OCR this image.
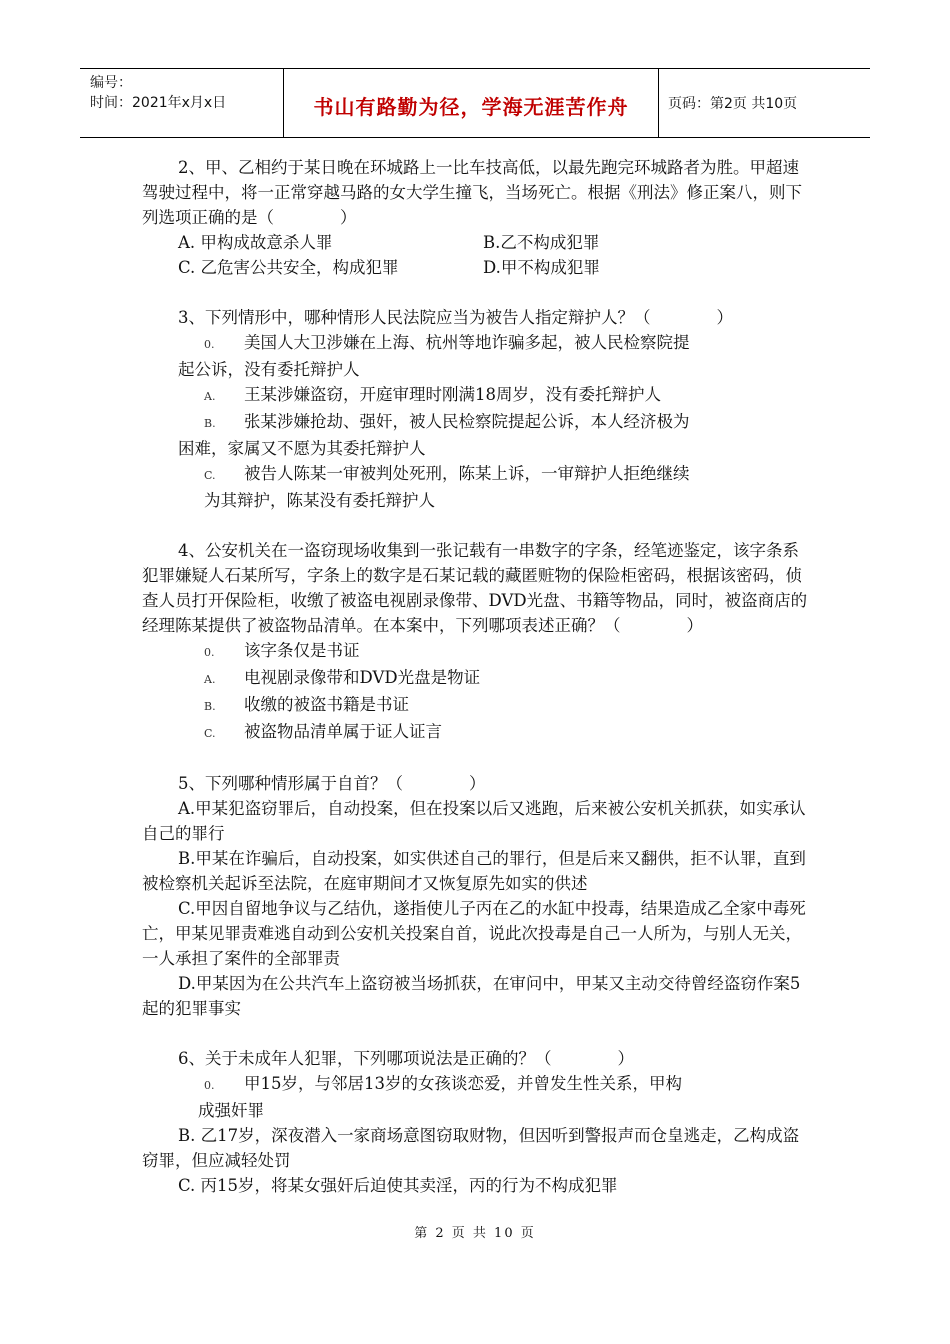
编号：
时间：2021年x月x日	书山有路勤为径，学海无涯苦作舟	页码：第2页 共10页

2、甲、乙相约于某日晚在环城路上一比车技高低，以最先跑完环城路者为胜。甲超速驾驶过程中，将一正常穿越马路的女大学生撞飞，当场死亡。根据《刑法》修正案八，则下列选项正确的是（　　　　）

A. 甲构成故意杀人罪	B.乙不构成犯罪
C. 乙危害公共安全，构成犯罪	D.甲不构成犯罪

3、下列情形中，哪种情形人民法院应当为被告人指定辩护人？（　　　　）

0. 美国人大卫涉嫌在上海、杭州等地诈骗多起，被人民检察院提

起公诉，没有委托辩护人

A. 王某涉嫌盗窃，开庭审理时刚满18周岁，没有委托辩护人

B. 张某涉嫌抢劫、强奸，被人民检察院提起公诉，本人经济极为

困难，家属又不愿为其委托辩护人

C. 被告人陈某一审被判处死刑，陈某上诉，一审辩护人拒绝继续

为其辩护，陈某没有委托辩护人

4、公安机关在一盗窃现场收集到一张记载有一串数字的字条，经笔迹鉴定，该字条系犯罪嫌疑人石某所写，字条上的数字是石某记载的藏匿赃物的保险柜密码，根据该密码，侦查人员打开保险柜，收缴了被盗电视剧录像带、DVD光盘、书籍等物品，同时，被盗商店的经理陈某提供了被盗物品清单。在本案中，下列哪项表述正确？（　　　　）

0. 该字条仅是书证

A. 电视剧录像带和DVD光盘是物证

B. 收缴的被盗书籍是书证

C. 被盗物品清单属于证人证言

5、下列哪种情形属于自首？（　　　　）

A.甲某犯盗窃罪后，自动投案，但在投案以后又逃跑，后来被公安机关抓获，如实承认自己的罪行

B.甲某在诈骗后，自动投案，如实供述自己的罪行，但是后来又翻供，拒不认罪，直到被检察机关起诉至法院，在庭审期间才又恢复原先如实的供述

C.甲因自留地争议与乙结仇，遂指使儿子丙在乙的水缸中投毒，结果造成乙全家中毒死亡，甲某见罪责难逃自动到公安机关投案自首，说此次投毒是自己一人所为，与别人无关，一人承担了案件的全部罪责

D.甲某因为在公共汽车上盗窃被当场抓获，在审问中，甲某又主动交待曾经盗窃作案5起的犯罪事实

6、关于未成年人犯罪，下列哪项说法是正确的？（　　　　）

0. 甲15岁，与邻居13岁的女孩谈恋爱，并曾发生性关系，甲构

成强奸罪

B. 乙17岁，深夜潜入一家商场意图窃取财物，但因听到警报声而仓皇逃走，乙构成盗窃罪，但应减轻处罚

C. 丙15岁，将某女强奸后迫使其卖淫，丙的行为不构成犯罪

第 2 页 共 10 页
